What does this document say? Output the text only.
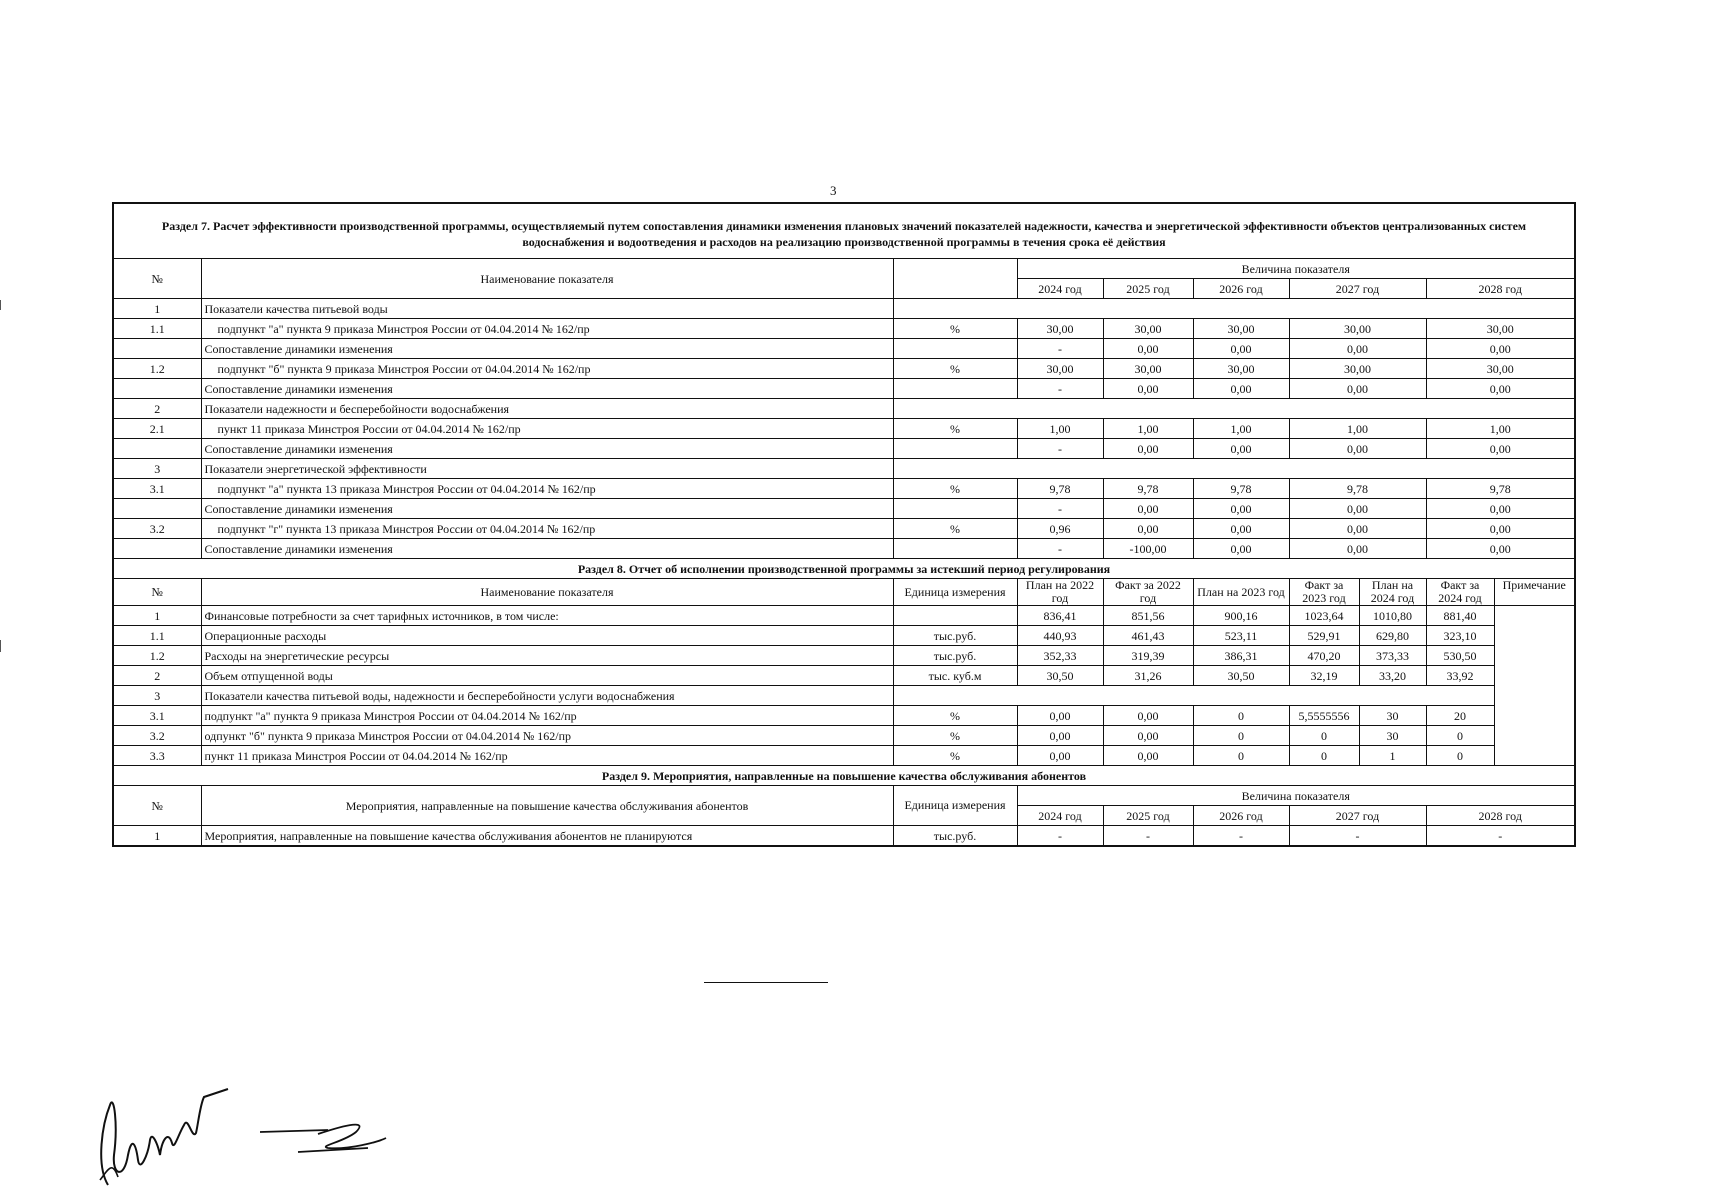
3
Раздел 7. Расчет эффективности производственной программы, осуществляемый путем сопоставления динамики изменения плановых значений показателей надежности, качества и энергетической эффективности объектов централизованных систем водоснабжения и водоотведения и расходов на реализацию производственной программы в течения срока её действия									
№	Наименование показателя		Величина показателя						
			2024 год	2025 год	2026 год	2027 год		2028 год	
1	Показатели качества питьевой воды								
1.1	подпункт "а" пункта 9 приказа Минстроя России от 04.04.2014 № 162/пр	%	30,00	30,00	30,00	30,00		30,00	
	Сопоставление динамики изменения		-	0,00	0,00	0,00		0,00	
1.2	подпункт "б" пункта 9 приказа Минстроя России от 04.04.2014 № 162/пр	%	30,00	30,00	30,00	30,00		30,00	
	Сопоставление динамики изменения		-	0,00	0,00	0,00		0,00	
2	Показатели надежности и бесперебойности водоснабжения								
2.1	пункт 11 приказа Минстроя России от 04.04.2014 № 162/пр	%	1,00	1,00	1,00	1,00		1,00	
	Сопоставление динамики изменения		-	0,00	0,00	0,00		0,00	
3	Показатели энергетической эффективности								
3.1	подпункт "а" пункта 13 приказа Минстроя России от 04.04.2014 № 162/пр	%	9,78	9,78	9,78	9,78		9,78	
	Сопоставление динамики изменения		-	0,00	0,00	0,00		0,00	
3.2	подпункт "г" пункта 13 приказа Минстроя России от 04.04.2014 № 162/пр	%	0,96	0,00	0,00	0,00		0,00	
	Сопоставление динамики изменения		-	-100,00	0,00	0,00		0,00	
Раздел 8. Отчет об исполнении производственной программы за истекший период регулирования									
№	Наименование показателя	Единица измерения	План на 2022 год	Факт за 2022 год	План на 2023 год	Факт за 2023 год	План на 2024 год	Факт за 2024 год	Примечание
1	Финансовые потребности за счет тарифных источников, в том числе:		836,41	851,56	900,16	1023,64	1010,80	881,40	
1.1	Операционные расходы	тыс.руб.	440,93	461,43	523,11	529,91	629,80	323,10	
1.2	Расходы на энергетические ресурсы	тыс.руб.	352,33	319,39	386,31	470,20	373,33	530,50	
2	Объем отпущенной воды	тыс. куб.м	30,50	31,26	30,50	32,19	33,20	33,92	
3	Показатели качества питьевой воды, надежности и бесперебойности услуги водоснабжения								
3.1	подпункт "а" пункта 9 приказа Минстроя России от 04.04.2014 № 162/пр	%	0,00	0,00	0	5,5555556	30	20	
3.2	одпункт "б" пункта 9 приказа Минстроя России от 04.04.2014 № 162/пр	%	0,00	0,00	0	0	30	0	
3.3	пункт 11 приказа Минстроя России от 04.04.2014 № 162/пр	%	0,00	0,00	0	0	1	0	
Раздел 9. Мероприятия, направленные на повышение качества обслуживания абонентов									
№	Мероприятия, направленные на повышение качества обслуживания абонентов	Единица измерения	Величина показателя						
			2024 год	2025 год	2026 год	2027 год		2028 год	
1	Мероприятия, направленные на повышение качества обслуживания абонентов не планируются	тыс.руб.	-	-	-	-		-	
